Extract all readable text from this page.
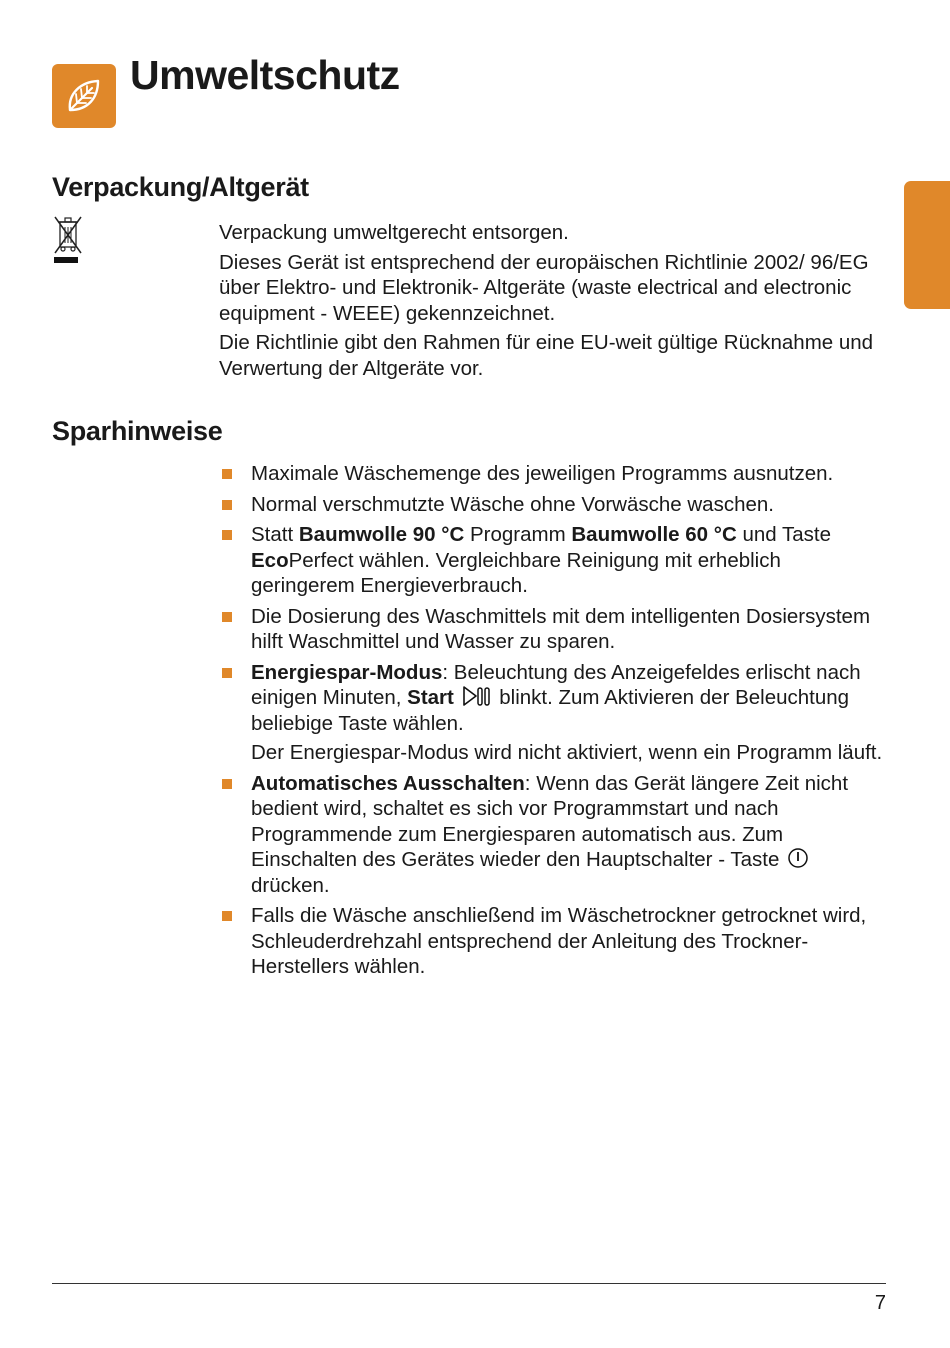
Umweltschutz
Verpackung/Altgerät

Verpackung umweltgerecht entsorgen.

Dieses Gerät ist entsprechend der europäischen Richtlinie 2002/ 96/EG über Elektro- und Elektronik- Altgeräte (waste electrical and electronic equipment - WEEE) gekennzeichnet.

Die Richtlinie gibt den Rahmen für eine EU-weit gültige Rücknahme und Verwertung der Altgeräte vor.

Sparhinweise

Maximale Wäschemenge des jeweiligen Programms ausnutzen.

Normal verschmutzte Wäsche ohne Vorwäsche waschen.

Statt Baumwolle 90 °C Programm Baumwolle 60 °C und Taste EcoPerfect wählen. Vergleichbare Reinigung mit erheblich geringerem Energieverbrauch.

Die Dosierung des Waschmittels mit dem intelligenten Dosiersystem hilft Waschmittel und Wasser zu sparen.

Energiespar-Modus: Beleuchtung des Anzeigefeldes erlischt nach einigen Minuten, Start  blinkt. Zum Aktivieren der Beleuchtung beliebige Taste wählen.

Der Energiespar-Modus wird nicht aktiviert, wenn ein Programm läuft.

Automatisches Ausschalten: Wenn das Gerät längere Zeit nicht bedient wird, schaltet es sich vor Programmstart und nach Programmende zum Energiesparen automatisch aus. Zum Einschalten des Gerätes wieder den Hauptschalter - Taste  drücken.

Falls die Wäsche anschließend im Wäschetrockner getrocknet wird, Schleuderdrehzahl entsprechend der Anleitung des Trockner-Herstellers wählen.

7
